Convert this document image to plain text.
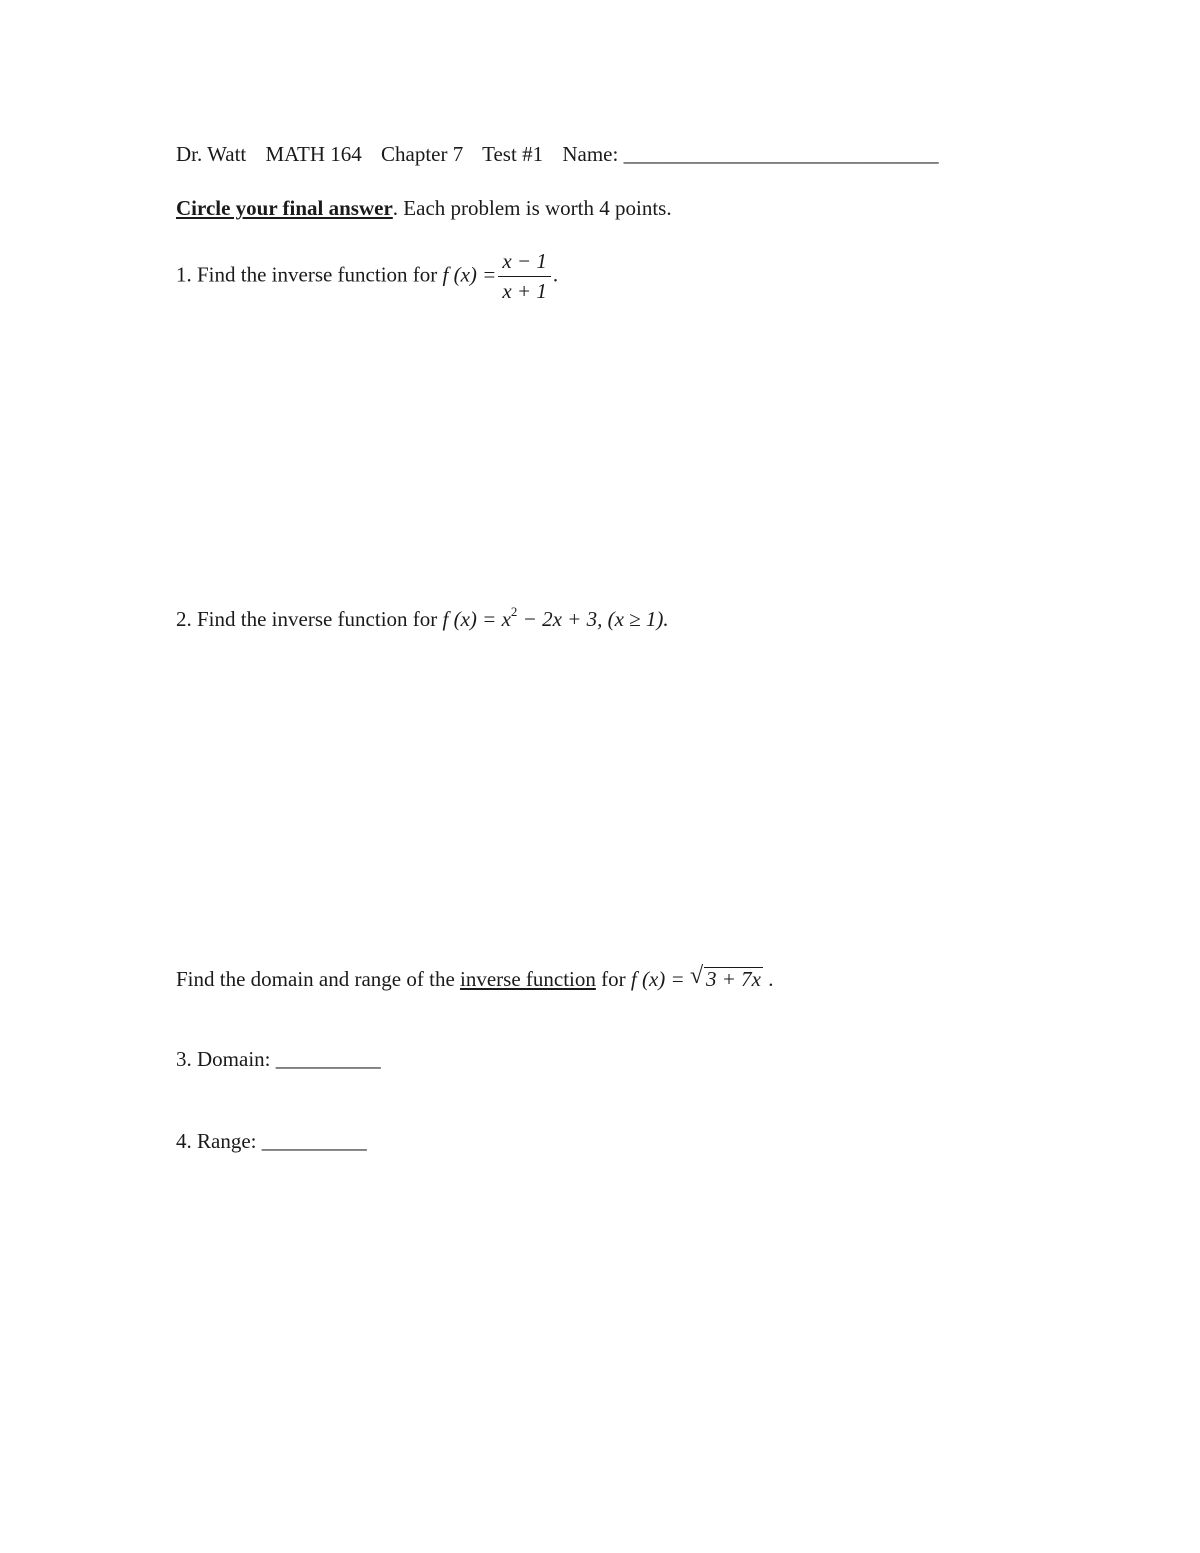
Dr. Watt MATH 164 Chapter 7 Test #1 Name: ______________________________
Circle your final answer. Each problem is worth 4 points.
1. Find the inverse function for f $(x) = \frac{x - 1}{x + 1}$ .
2. Find the inverse function for f $(x) = x^2 - 2x + 3$, (x ≥ 1).
Find the domain and range of the inverse function for f (x) = √ 3 + 7x .
3. Domain: __________
4. Range: __________
